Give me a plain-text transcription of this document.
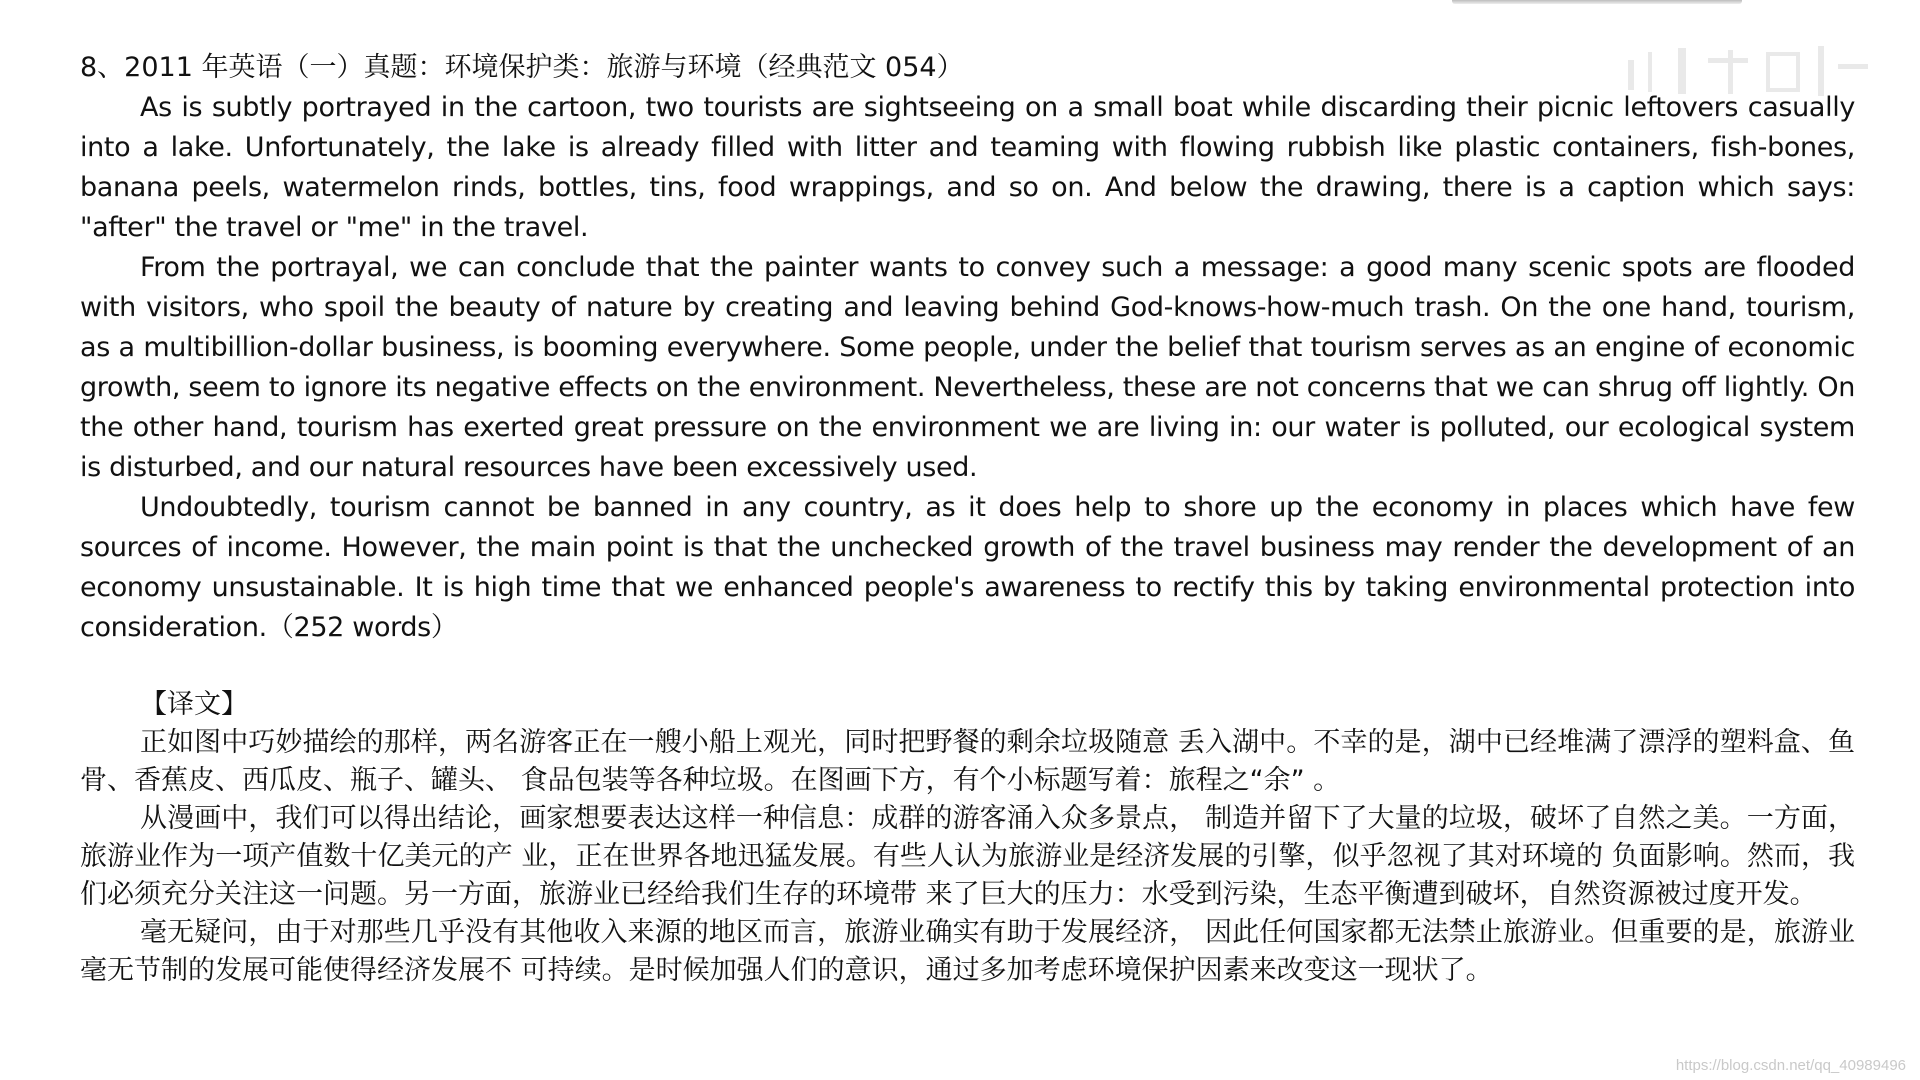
8、2011 年英语（一）真题：环境保护类：旅游与环境（经典范文 054）

As is subtly portrayed in the cartoon, two tourists are sightseeing on a small boat while discarding their picnic leftovers casually into a lake. Unfortunately, the lake is already filled with litter and teaming with flowing rubbish like plastic containers, fish-bones, banana peels, watermelon rinds, bottles, tins, food wrappings, and so on. And below the drawing, there is a caption which says: "after" the travel or "me" in the travel.

From the portrayal, we can conclude that the painter wants to convey such a message: a good many scenic spots are flooded with visitors, who spoil the beauty of nature by creating and leaving behind God-knows-how-much trash. On the one hand, tourism, as a multibillion-dollar business, is booming everywhere. Some people, under the belief that tourism serves as an engine of economic growth, seem to ignore its negative effects on the environment. Nevertheless, these are not concerns that we can shrug off lightly. On the other hand, tourism has exerted great pressure on the environment we are living in: our water is polluted, our ecological system is disturbed, and our natural resources have been excessively used.

Undoubtedly, tourism cannot be banned in any country, as it does help to shore up the economy in places which have few sources of income. However, the main point is that the unchecked growth of the travel business may render the development of an economy unsustainable. It is high time that we enhanced people's awareness to rectify this by taking environmental protection into consideration.（252 words）

【译文】

正如图中巧妙描绘的那样，两名游客正在一艘小船上观光，同时把野餐的剩余垃圾随意 丢入湖中。不幸的是，湖中已经堆满了漂浮的塑料盒、鱼骨、香蕉皮、西瓜皮、瓶子、罐头、 食品包装等各种垃圾。在图画下方，有个小标题写着：旅程之“余” 。

从漫画中，我们可以得出结论，画家想要表达这样一种信息：成群的游客涌入众多景点， 制造并留下了大量的垃圾，破坏了自然之美。一方面，旅游业作为一项产值数十亿美元的产 业，正在世界各地迅猛发展。有些人认为旅游业是经济发展的引擎，似乎忽视了其对环境的 负面影响。然而，我们必须充分关注这一问题。另一方面，旅游业已经给我们生存的环境带 来了巨大的压力：水受到污染，生态平衡遭到破坏，自然资源被过度开发。

毫无疑问，由于对那些几乎没有其他收入来源的地区而言，旅游业确实有助于发展经济， 因此任何国家都无法禁止旅游业。但重要的是，旅游业毫无节制的发展可能使得经济发展不 可持续。是时候加强人们的意识，通过多加考虑环境保护因素来改变这一现状了。

https://blog.csdn.net/qq_40989496
